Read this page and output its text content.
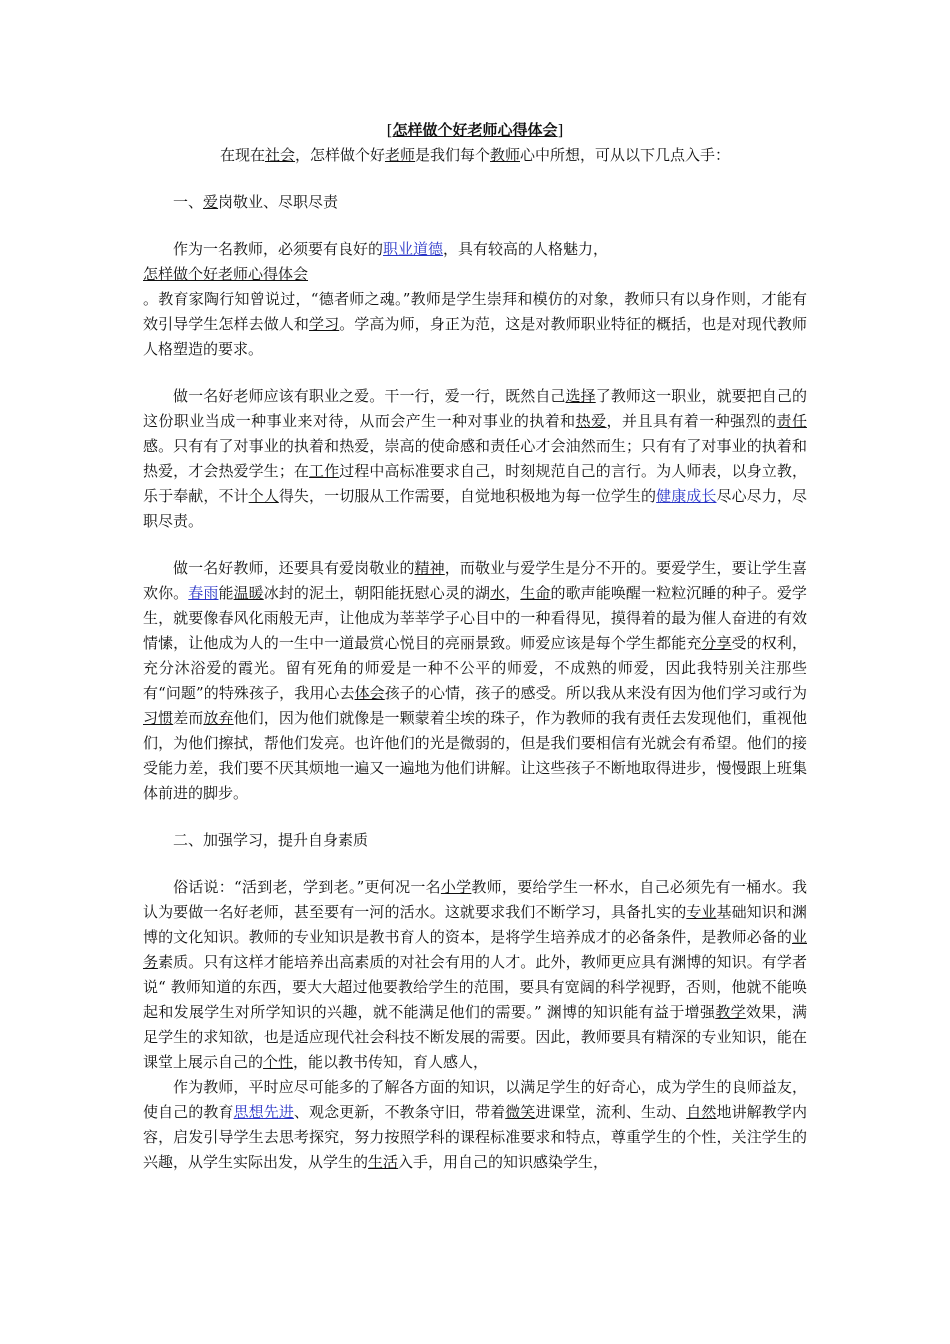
[怎样做个好老师心得体会]

在现在社会，怎样做个好老师是我们每个教师心中所想，可从以下几点入手：

一、爱岗敬业、尽职尽责

作为一名教师，必须要有良好的职业道德，具有较高的人格魅力，

怎样做个好老师心得体会

。教育家陶行知曾说过，“德者师之魂。”教师是学生崇拜和模仿的对象，教师只有以身作则，才能有效引导学生怎样去做人和学习。学高为师，身正为范，这是对教师职业特征的概括，也是对现代教师人格塑造的要求。

做一名好老师应该有职业之爱。干一行，爱一行，既然自己选择了教师这一职业，就要把自己的这份职业当成一种事业来对待，从而会产生一种对事业的执着和热爱，并且具有着一种强烈的责任感。只有有了对事业的执着和热爱，崇高的使命感和责任心才会油然而生；只有有了对事业的执着和热爱，才会热爱学生；在工作过程中高标准要求自己，时刻规范自己的言行。为人师表，以身立教，乐于奉献，不计个人得失，一切服从工作需要，自觉地积极地为每一位学生的健康成长尽心尽力，尽职尽责。

做一名好教师，还要具有爱岗敬业的精神，而敬业与爱学生是分不开的。要爱学生，要让学生喜欢你。春雨能温暖冰封的泥土，朝阳能抚慰心灵的湖水，生命的歌声能唤醒一粒粒沉睡的种子。爱学生，就要像春风化雨般无声，让他成为莘莘学子心目中的一种看得见，摸得着的最为催人奋进的有效情愫，让他成为人的一生中一道最赏心悦目的亮丽景致。师爱应该是每个学生都能充分享受的权利，充分沐浴爱的霞光。留有死角的师爱是一种不公平的师爱，不成熟的师爱，因此我特别关注那些有“问题”的特殊孩子，我用心去体会孩子的心情，孩子的感受。所以我从来没有因为他们学习或行为习惯差而放弃他们，因为他们就像是一颗蒙着尘埃的珠子，作为教师的我有责任去发现他们，重视他们，为他们擦拭，帮他们发亮。也许他们的光是微弱的，但是我们要相信有光就会有希望。他们的接受能力差，我们要不厌其烦地一遍又一遍地为他们讲解。让这些孩子不断地取得进步，慢慢跟上班集体前进的脚步。

二、加强学习，提升自身素质

俗话说：“活到老，学到老。”更何况一名小学教师，要给学生一杯水，自己必须先有一桶水。我认为要做一名好老师，甚至要有一河的活水。这就要求我们不断学习，具备扎实的专业基础知识和渊博的文化知识。教师的专业知识是教书育人的资本，是将学生培养成才的必备条件，是教师必备的业务素质。只有这样才能培养出高素质的对社会有用的人才。此外，教师更应具有渊博的知识。有学者说“ 教师知道的东西，要大大超过他要教给学生的范围，要具有宽阔的科学视野，否则，他就不能唤起和发展学生对所学知识的兴趣，就不能满足他们的需要。” 渊博的知识能有益于增强教学效果，满足学生的求知欲，也是适应现代社会科技不断发展的需要。因此，教师要具有精深的专业知识，能在课堂上展示自己的个性，能以教书传知，育人感人，

作为教师，平时应尽可能多的了解各方面的知识，以满足学生的好奇心，成为学生的良师益友，使自己的教育思想先进、观念更新，不教条守旧，带着微笑进课堂，流利、生动、自然地讲解教学内容，启发引导学生去思考探究，努力按照学科的课程标准要求和特点，尊重学生的个性，关注学生的兴趣，从学生实际出发，从学生的生活入手，用自己的知识感染学生，
